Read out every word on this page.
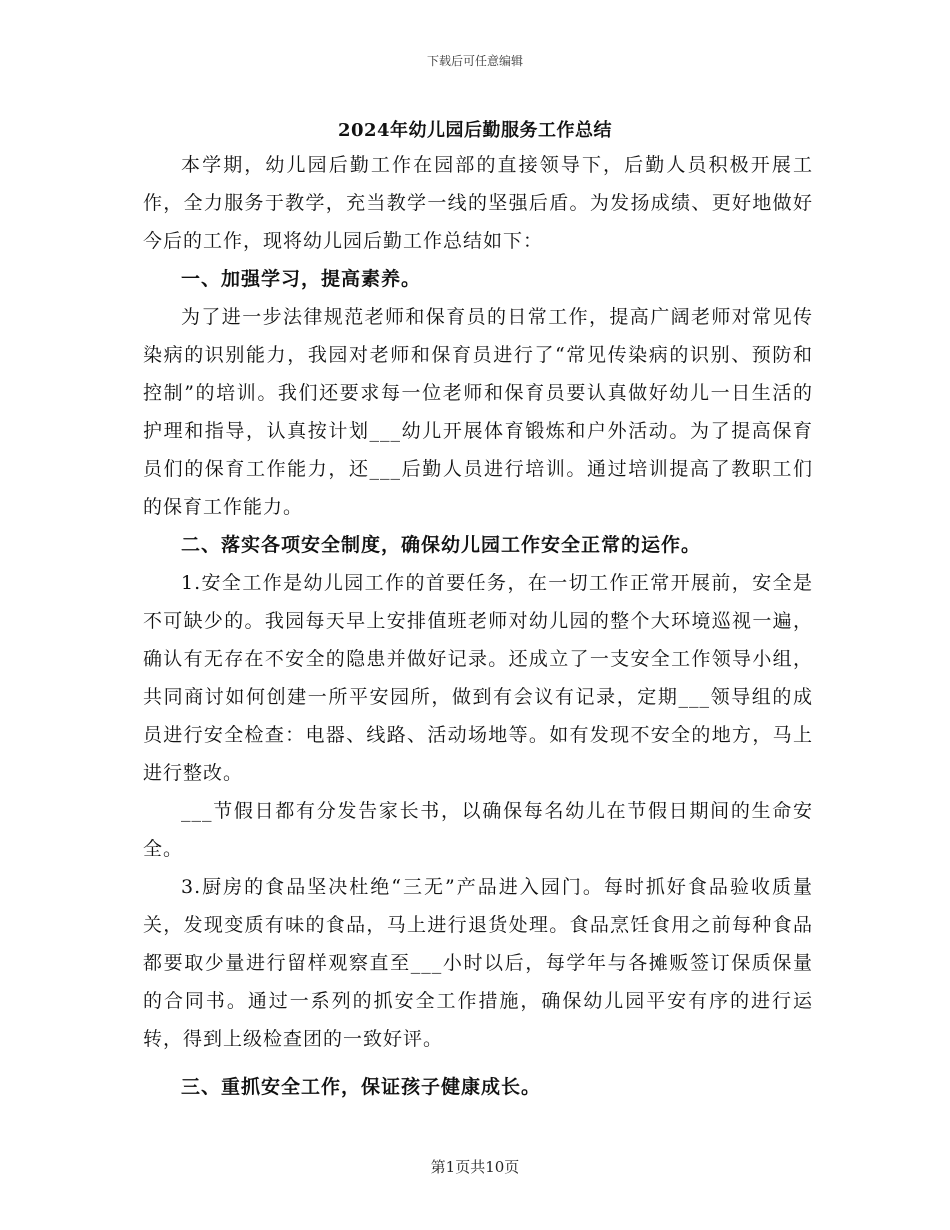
下载后可任意编辑
2024年幼儿园后勤服务工作总结

本学期，幼儿园后勤工作在园部的直接领导下，后勤人员积极开展工作，全力服务于教学，充当教学一线的坚强后盾。为发扬成绩、更好地做好今后的工作，现将幼儿园后勤工作总结如下：

一、加强学习，提高素养。

为了进一步法律规范老师和保育员的日常工作，提高广阔老师对常见传染病的识别能力，我园对老师和保育员进行了“常见传染病的识别、预防和控制”的培训。我们还要求每一位老师和保育员要认真做好幼儿一日生活的护理和指导，认真按计划___幼儿开展体育锻炼和户外活动。为了提高保育员们的保育工作能力，还___后勤人员进行培训。通过培训提高了教职工们的保育工作能力。

二、落实各项安全制度，确保幼儿园工作安全正常的运作。

1.安全工作是幼儿园工作的首要任务，在一切工作正常开展前，安全是不可缺少的。我园每天早上安排值班老师对幼儿园的整个大环境巡视一遍，确认有无存在不安全的隐患并做好记录。还成立了一支安全工作领导小组，共同商讨如何创建一所平安园所，做到有会议有记录，定期___领导组的成员进行安全检查：电器、线路、活动场地等。如有发现不安全的地方，马上进行整改。

___节假日都有分发告家长书，以确保每名幼儿在节假日期间的生命安全。

3.厨房的食品坚决杜绝“三无”产品进入园门。每时抓好食品验收质量关，发现变质有味的食品，马上进行退货处理。食品烹饪食用之前每种食品都要取少量进行留样观察直至___小时以后，每学年与各摊贩签订保质保量的合同书。通过一系列的抓安全工作措施，确保幼儿园平安有序的进行运转，得到上级检查团的一致好评。

三、重抓安全工作，保证孩子健康成长。

第1页共10页
